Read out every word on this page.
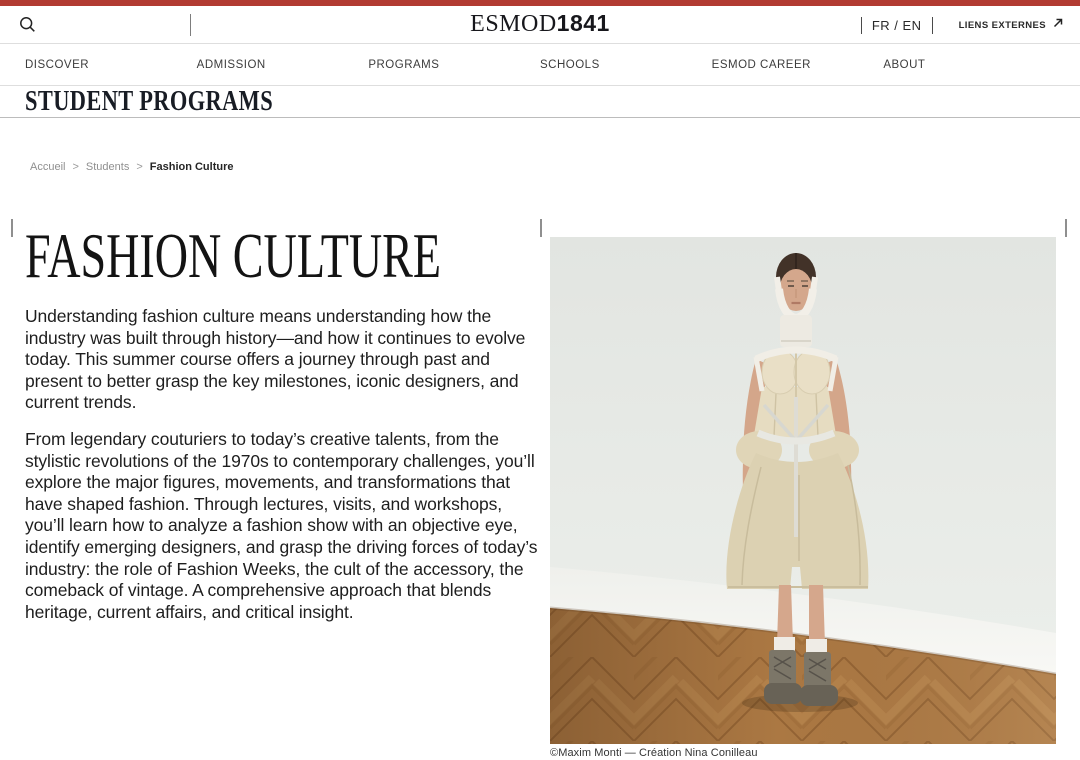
ESMOD1841	FR / EN	LIENS EXTERNES
DISCOVER	ADMISSION	PROGRAMS	SCHOOLS	ESMOD CAREER	ABOUT
STUDENT PROGRAMS
Accueil > Students > Fashion Culture
FASHION CULTURE

Understanding fashion culture means understanding how the industry was built through history—and how it continues to evolve today. This summer course offers a journey through past and present to better grasp the key milestones, iconic designers, and current trends.

From legendary couturiers to today’s creative talents, from the stylistic revolutions of the 1970s to contemporary challenges, you’ll explore the major figures, movements, and transformations that have shaped fashion. Through lectures, visits, and workshops, you’ll learn how to analyze a fashion show with an objective eye, identify emerging designers, and grasp the driving forces of today’s industry: the role of Fashion Weeks, the cult of the accessory, the comeback of vintage. A comprehensive approach that blends heritage, current affairs, and critical insight.

©Maxim Monti — Création Nina Conilleau
